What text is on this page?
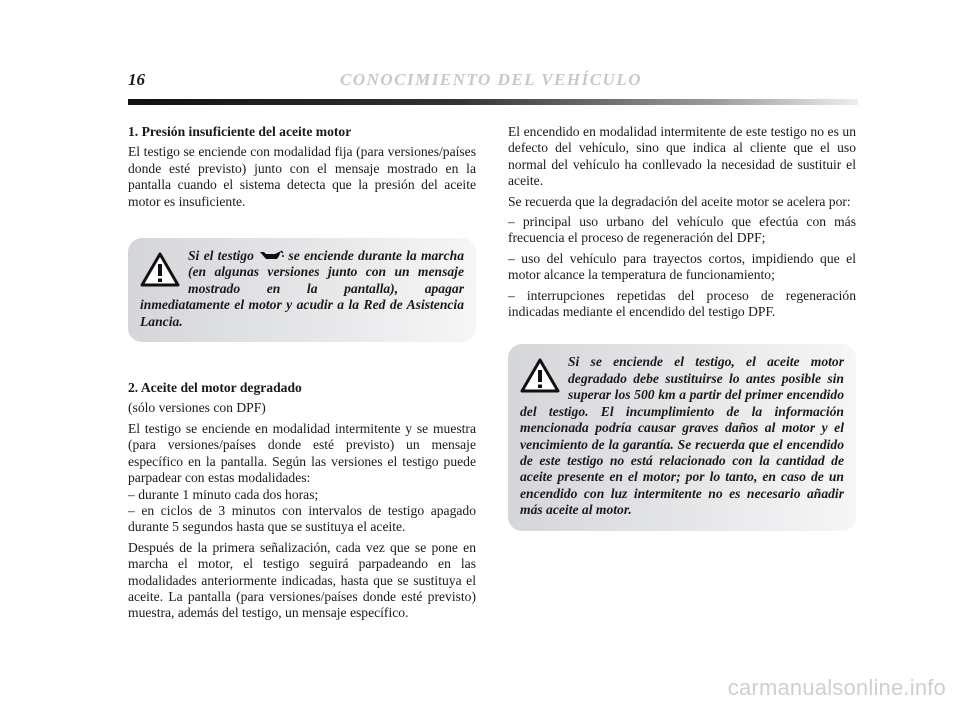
16	CONOCIMIENTO DEL VEHÍCULO

1. Presión insuficiente del aceite motor

El testigo se enciende con modalidad fija (para versiones/países donde esté previsto) junto con el mensaje mostrado en la pantalla cuando el sistema detecta que la presión del aceite motor es insuficiente.

Si el testigo	se enciende durante la marcha (en algunas versiones junto con un mensaje mostrado en la pantalla), apagar inmediatamente el motor y acudir a la Red de Asistencia Lancia.

2. Aceite del motor degradado

(sólo versiones con DPF)

El testigo se enciende en modalidad intermitente y se muestra (para versiones/países donde esté previsto) un mensaje específico en la pantalla. Según las versiones el testigo puede parpadear con estas modalidades:

– durante 1 minuto cada dos horas;

– en ciclos de 3 minutos con intervalos de testigo apagado durante 5 segundos hasta que se sustituya el aceite.

Después de la primera señalización, cada vez que se pone en marcha el motor, el testigo seguirá parpadeando en las modalidades anteriormente indicadas, hasta que se sustituya el aceite. La pantalla (para versiones/países donde esté previsto) muestra, además del testigo, un mensaje específico.

El encendido en modalidad intermitente de este testigo no es un defecto del vehículo, sino que indica al cliente que el uso normal del vehículo ha conllevado la necesidad de sustituir el aceite.

Se recuerda que la degradación del aceite motor se acelera por:

– principal uso urbano del vehículo que efectúa con más frecuencia el proceso de regeneración del DPF;

– uso del vehículo para trayectos cortos, impidiendo que el motor alcance la temperatura de funcionamiento;

– interrupciones repetidas del proceso de regeneración indicadas mediante el encendido del testigo DPF.

Si se enciende el testigo, el aceite motor degradado debe sustituirse lo antes posible sin superar los 500 km a partir del primer encendido del testigo. El incumplimiento de la información mencionada podría causar graves daños al motor y el vencimiento de la garantía. Se recuerda que el encendido de este testigo no está relacionado con la cantidad de aceite presente en el motor; por lo tanto, en caso de un encendido con luz intermitente no es necesario añadir más aceite al motor.

carmanualsonline.info
